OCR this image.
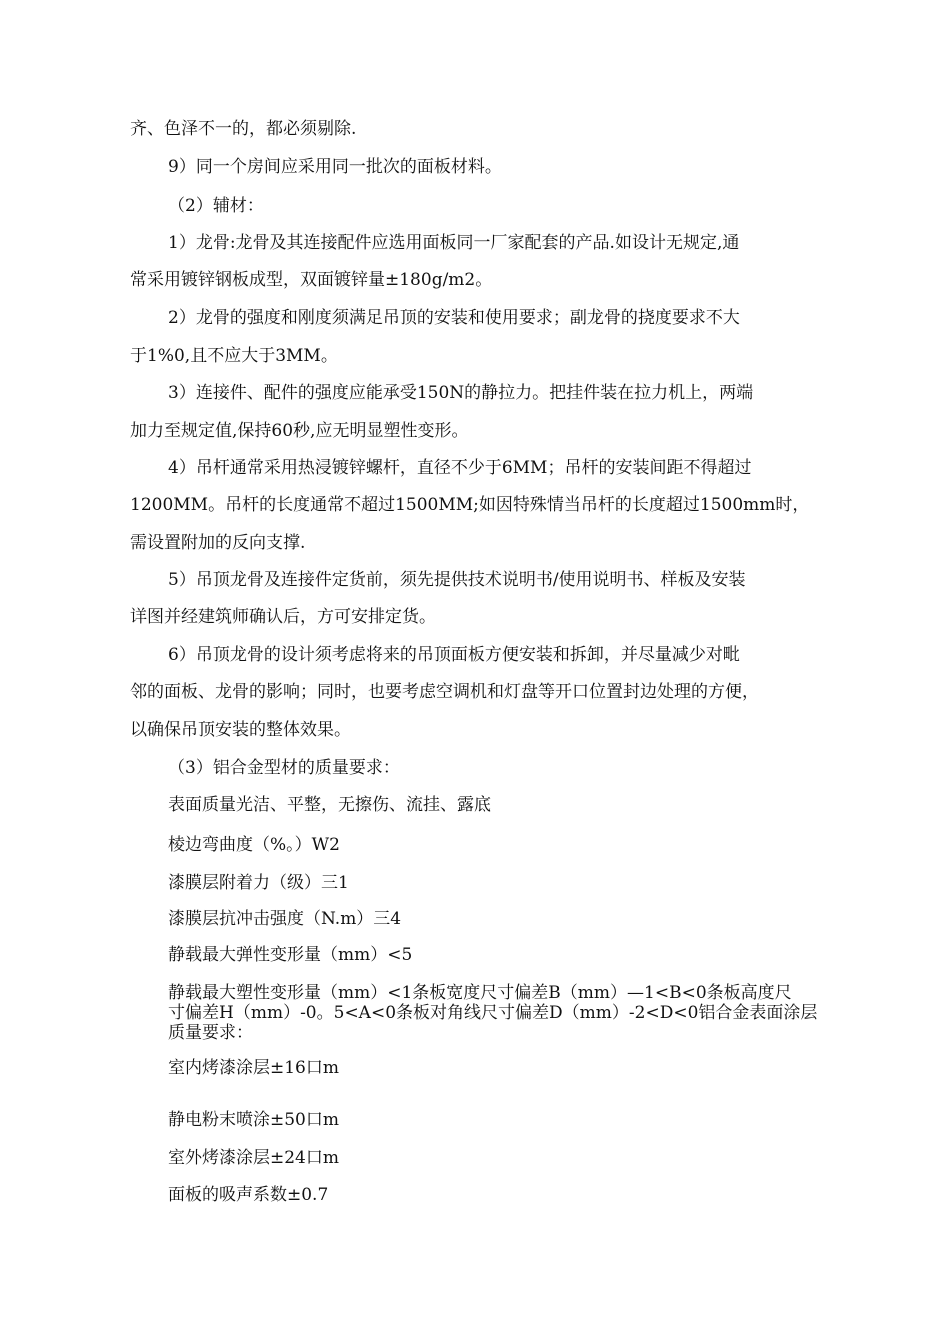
齐、色泽不一的，都必须剔除.

9）同一个房间应采用同一批次的面板材料。

（2）辅材：

1）龙骨:龙骨及其连接配件应选用面板同一厂家配套的产品.如设计无规定,通

常采用镀锌钢板成型，双面镀锌量±180g/m2。

2）龙骨的强度和刚度须满足吊顶的安装和使用要求；副龙骨的挠度要求不大

于1%0,且不应大于3MM。

3）连接件、配件的强度应能承受150N的静拉力。把挂件装在拉力机上，两端

加力至规定值,保持60秒,应无明显塑性变形。

4）吊杆通常采用热浸镀锌螺杆，直径不少于6MM；吊杆的安装间距不得超过

1200MM。吊杆的长度通常不超过1500MM;如因特殊情当吊杆的长度超过1500mm时，

需设置附加的反向支撑.

5）吊顶龙骨及连接件定货前，须先提供技术说明书/使用说明书、样板及安装

详图并经建筑师确认后，方可安排定货。

6）吊顶龙骨的设计须考虑将来的吊顶面板方便安装和拆卸，并尽量减少对毗

邻的面板、龙骨的影响；同时，也要考虑空调机和灯盘等开口位置封边处理的方便，

以确保吊顶安装的整体效果。

（3）铝合金型材的质量要求：

表面质量光洁、平整，无擦伤、流挂、露底

棱边弯曲度（%。）W2

漆膜层附着力（级）三1

漆膜层抗冲击强度（N.m）三4

静载最大弹性变形量（mm）<5

静载最大塑性变形量（mm）<1条板宽度尺寸偏差B（mm）—1<B<0条板高度尺

寸偏差H（mm）-0。5<A<0条板对角线尺寸偏差D（mm）-2<D<0铝合金表面涂层

质量要求：

室内烤漆涂层±16口m

静电粉末喷涂±50口m

室外烤漆涂层±24口m

面板的吸声系数±0.7
